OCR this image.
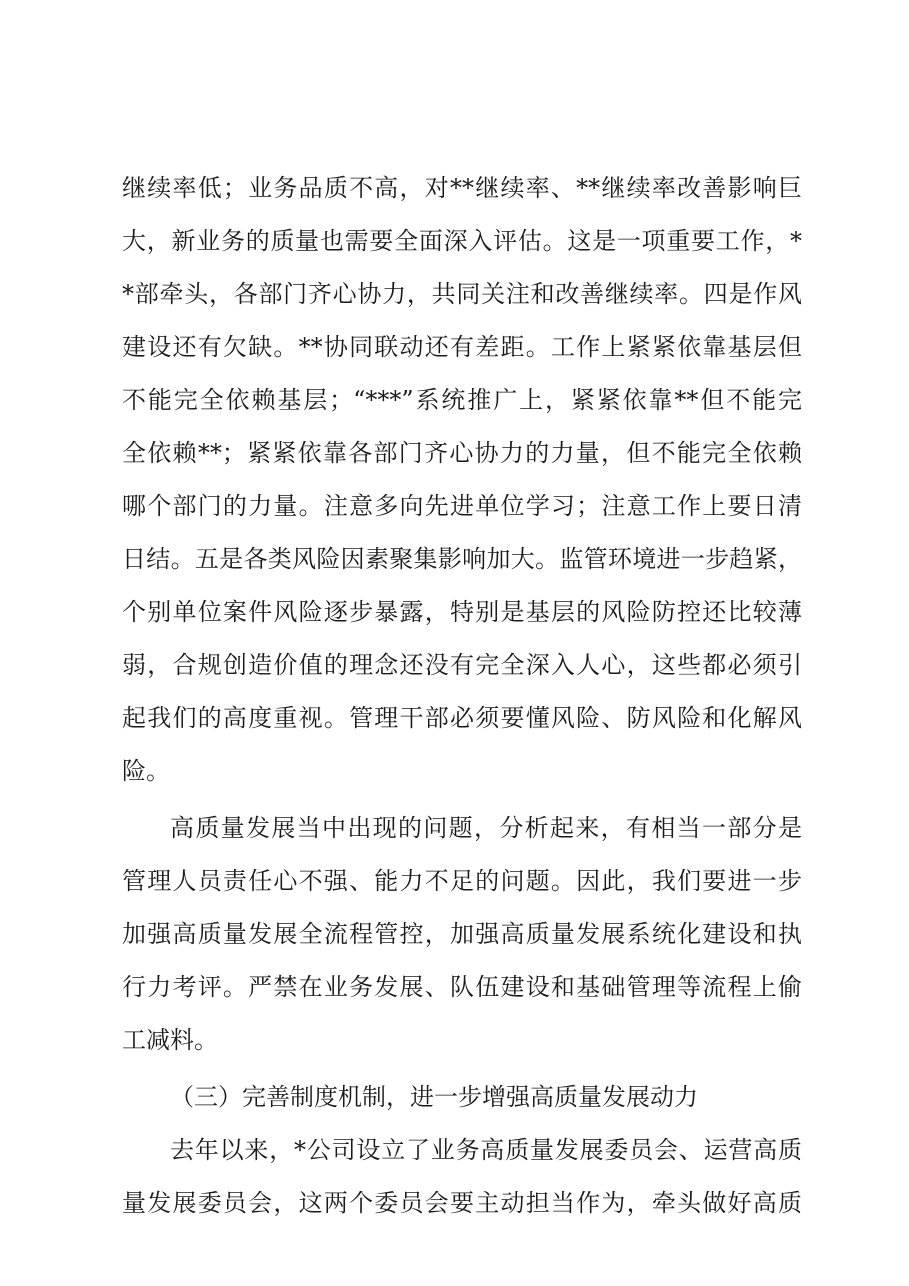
继续率低；业务品质不高，对**继续率、**继续率改善影响巨
大，新业务的质量也需要全面深入评估。这是一项重要工作，*
*部牵头，各部门齐心协力，共同关注和改善继续率。四是作风
建设还有欠缺。**协同联动还有差距。工作上紧紧依靠基层但
不能完全依赖基层；“***”系统推广上，紧紧依靠**但不能完
全依赖**；紧紧依靠各部门齐心协力的力量，但不能完全依赖
哪个部门的力量。注意多向先进单位学习；注意工作上要日清
日结。五是各类风险因素聚集影响加大。监管环境进一步趋紧，
个别单位案件风险逐步暴露，特别是基层的风险防控还比较薄
弱，合规创造价值的理念还没有完全深入人心，这些都必须引
起我们的高度重视。管理干部必须要懂风险、防风险和化解风
险。
高质量发展当中出现的问题，分析起来，有相当一部分是
管理人员责任心不强、能力不足的问题。因此，我们要进一步
加强高质量发展全流程管控，加强高质量发展系统化建设和执
行力考评。严禁在业务发展、队伍建设和基础管理等流程上偷
工减料。
（三）完善制度机制，进一步增强高质量发展动力
去年以来，*公司设立了业务高质量发展委员会、运营高质
量发展委员会，这两个委员会要主动担当作为，牵头做好高质
